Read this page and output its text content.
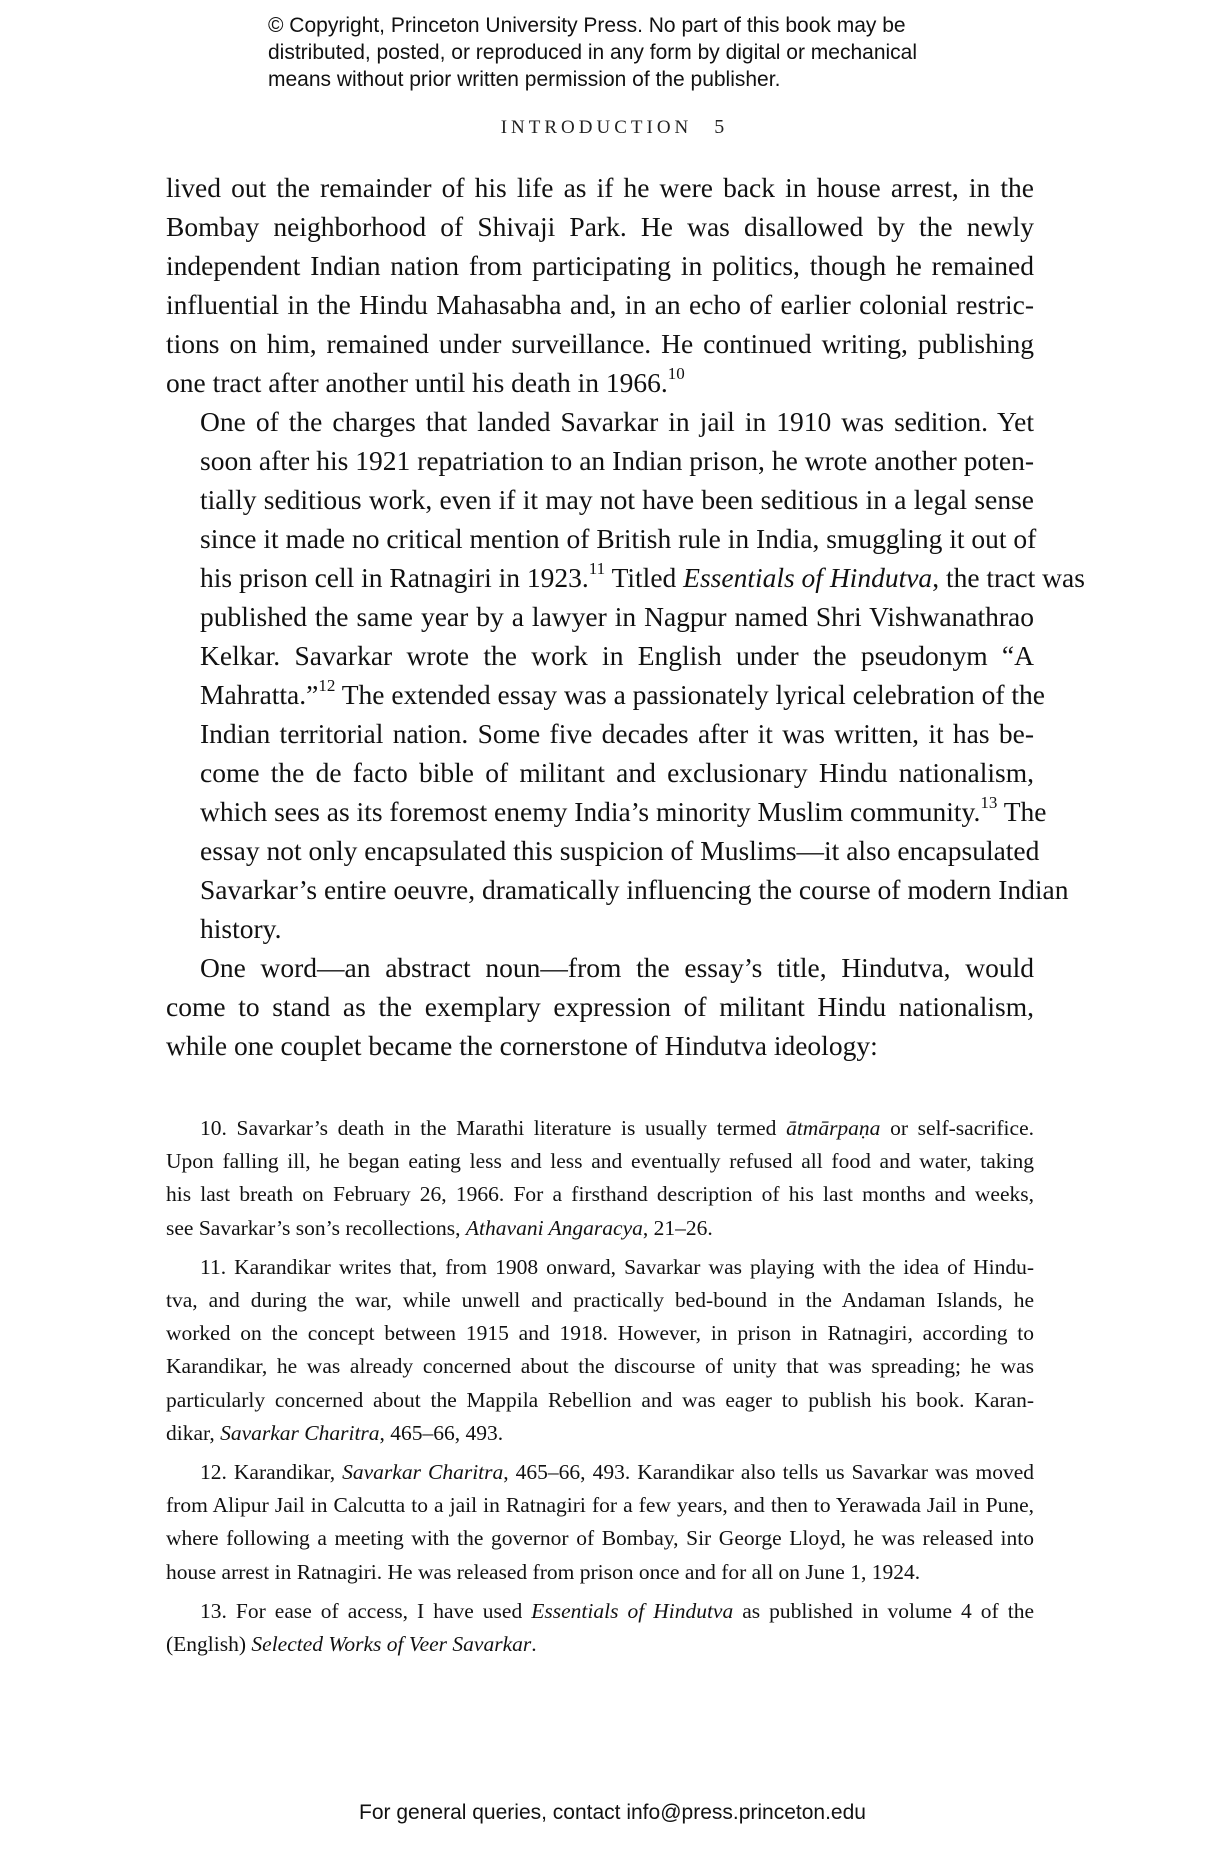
© Copyright, Princeton University Press. No part of this book may be
distributed, posted, or reproduced in any form by digital or mechanical
means without prior written permission of the publisher.
INTRODUCTION 5

lived out the remainder of his life as if he were back in house arrest, in the
Bombay neighborhood of Shivaji Park. He was disallowed by the newly
independent Indian nation from participating in politics, though he remained
influential in the Hindu Mahasabha and, in an echo of earlier colonial restric-
tions on him, remained under surveillance. He continued writing, publishing
one tract after another until his death in 1966.10

One of the charges that landed Savarkar in jail in 1910 was sedition. Yet
soon after his 1921 repatriation to an Indian prison, he wrote another poten-
tially seditious work, even if it may not have been seditious in a legal sense
since it made no critical mention of British rule in India, smuggling it out of
his prison cell in Ratnagiri in 1923.11 Titled Essentials of Hindutva, the tract was
published the same year by a lawyer in Nagpur named Shri Vishwanathrao
Kelkar. Savarkar wrote the work in English under the pseudonym “A
Mahratta.”$^{12}$ The extended essay was a passionately lyrical celebration of the
Indian territorial nation. Some five decades after it was written, it has be-
come the de facto bible of militant and exclusionary Hindu nationalism,
which sees as its foremost enemy India’s minority Muslim community.$^{13}$ The
essay not only encapsulated this suspicion of Muslims—it also encapsulated
Savarkar’s entire oeuvre, dramatically influencing the course of modern Indian
history.

One word—an abstract noun—from the essay’s title, Hindutva, would
come to stand as the exemplary expression of militant Hindu nationalism,
while one couplet became the cornerstone of Hindutva ideology:

10. Savarkar’s death in the Marathi literature is usually termed ātmārpaṇa or self-sacrifice.
Upon falling ill, he began eating less and less and eventually refused all food and water, taking
his last breath on February 26, 1966. For a firsthand description of his last months and weeks,
see Savarkar’s son’s recollections, Athavani Angaracya, 21–26.
11. Karandikar writes that, from 1908 onward, Savarkar was playing with the idea of Hindu-
tva, and during the war, while unwell and practically bed-bound in the Andaman Islands, he
worked on the concept between 1915 and 1918. However, in prison in Ratnagiri, according to
Karandikar, he was already concerned about the discourse of unity that was spreading; he was
particularly concerned about the Mappila Rebellion and was eager to publish his book. Karan-
dikar, Savarkar Charitra, 465–66, 493.
12. Karandikar, Savarkar Charitra, 465–66, 493. Karandikar also tells us Savarkar was moved
from Alipur Jail in Calcutta to a jail in Ratnagiri for a few years, and then to Yerawada Jail in Pune,
where following a meeting with the governor of Bombay, Sir George Lloyd, he was released into
house arrest in Ratnagiri. He was released from prison once and for all on June 1, 1924.
13. For ease of access, I have used Essentials of Hindutva as published in volume 4 of the
(English) Selected Works of Veer Savarkar.
For general queries, contact info@press.princeton.edu
